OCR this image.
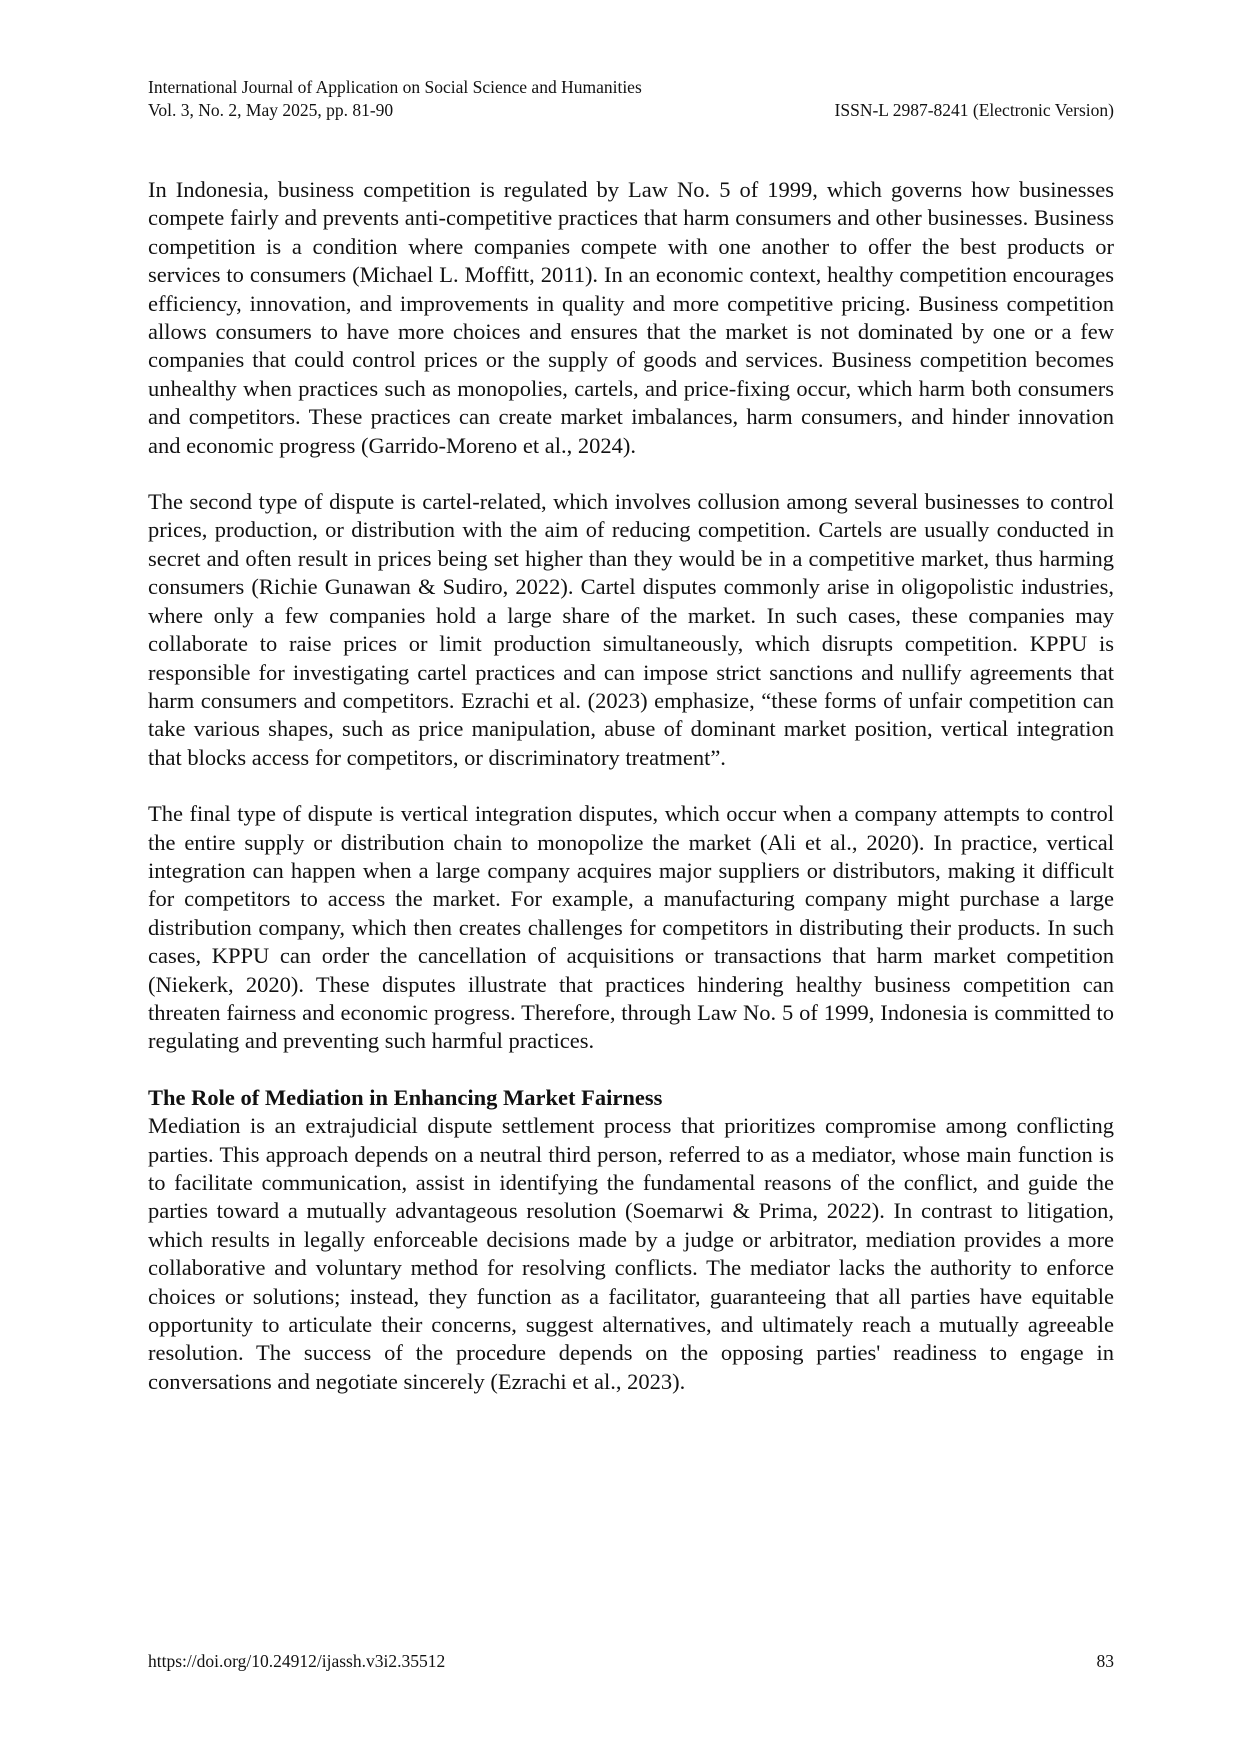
International Journal of Application on Social Science and Humanities
Vol. 3, No. 2, May 2025, pp. 81-90	ISSN-L 2987-8241 (Electronic Version)

In Indonesia, business competition is regulated by Law No. 5 of 1999, which governs how businesses compete fairly and prevents anti-competitive practices that harm consumers and other businesses. Business competition is a condition where companies compete with one another to offer the best products or services to consumers (Michael L. Moffitt, 2011). In an economic context, healthy competition encourages efficiency, innovation, and improvements in quality and more competitive pricing. Business competition allows consumers to have more choices and ensures that the market is not dominated by one or a few companies that could control prices or the supply of goods and services. Business competition becomes unhealthy when practices such as monopolies, cartels, and price-fixing occur, which harm both consumers and competitors. These practices can create market imbalances, harm consumers, and hinder innovation and economic progress (Garrido-Moreno et al., 2024).

The second type of dispute is cartel-related, which involves collusion among several businesses to control prices, production, or distribution with the aim of reducing competition. Cartels are usually conducted in secret and often result in prices being set higher than they would be in a competitive market, thus harming consumers (Richie Gunawan & Sudiro, 2022). Cartel disputes commonly arise in oligopolistic industries, where only a few companies hold a large share of the market. In such cases, these companies may collaborate to raise prices or limit production simultaneously, which disrupts competition. KPPU is responsible for investigating cartel practices and can impose strict sanctions and nullify agreements that harm consumers and competitors. Ezrachi et al. (2023) emphasize, “these forms of unfair competition can take various shapes, such as price manipulation, abuse of dominant market position, vertical integration that blocks access for competitors, or discriminatory treatment”.

The final type of dispute is vertical integration disputes, which occur when a company attempts to control the entire supply or distribution chain to monopolize the market (Ali et al., 2020). In practice, vertical integration can happen when a large company acquires major suppliers or distributors, making it difficult for competitors to access the market. For example, a manufacturing company might purchase a large distribution company, which then creates challenges for competitors in distributing their products. In such cases, KPPU can order the cancellation of acquisitions or transactions that harm market competition (Niekerk, 2020). These disputes illustrate that practices hindering healthy business competition can threaten fairness and economic progress. Therefore, through Law No. 5 of 1999, Indonesia is committed to regulating and preventing such harmful practices.

The Role of Mediation in Enhancing Market Fairness

Mediation is an extrajudicial dispute settlement process that prioritizes compromise among conflicting parties. This approach depends on a neutral third person, referred to as a mediator, whose main function is to facilitate communication, assist in identifying the fundamental reasons of the conflict, and guide the parties toward a mutually advantageous resolution (Soemarwi & Prima, 2022). In contrast to litigation, which results in legally enforceable decisions made by a judge or arbitrator, mediation provides a more collaborative and voluntary method for resolving conflicts. The mediator lacks the authority to enforce choices or solutions; instead, they function as a facilitator, guaranteeing that all parties have equitable opportunity to articulate their concerns, suggest alternatives, and ultimately reach a mutually agreeable resolution. The success of the procedure depends on the opposing parties' readiness to engage in conversations and negotiate sincerely (Ezrachi et al., 2023).

https://doi.org/10.24912/ijassh.v3i2.35512	83
